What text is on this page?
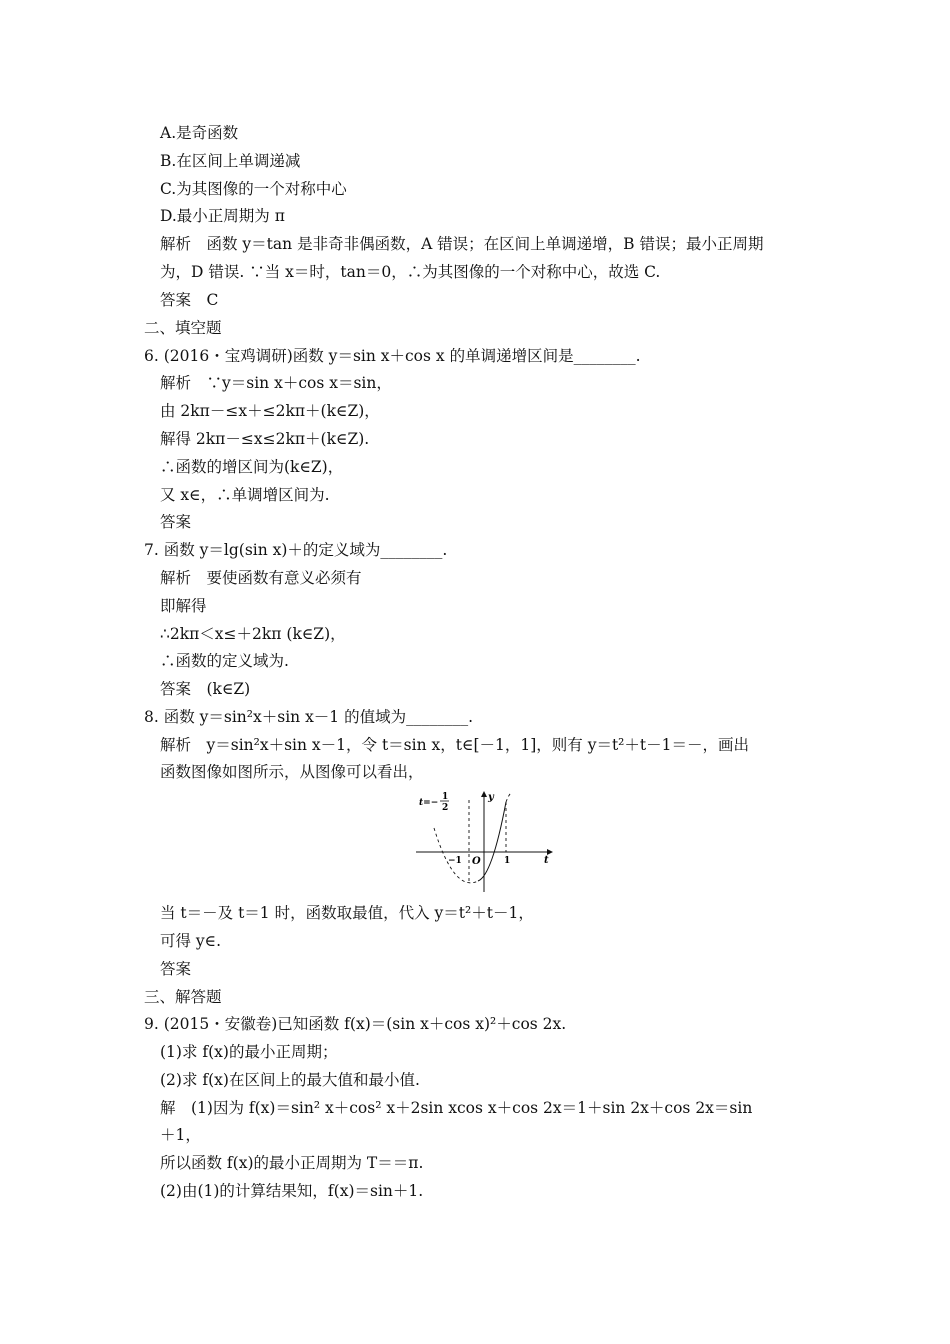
A.是奇函数
B.在区间上单调递减
C.为其图像的一个对称中心
D.最小正周期为 π
解析　函数 y＝tan 是非奇非偶函数，A 错误；在区间上单调递增，B 错误；最小正周期
为，D 错误. ∵当 x＝时，tan＝0，∴为其图像的一个对称中心，故选 C.
答案　C
二、填空题
6. (2016・宝鸡调研)函数 y＝sin x＋cos x 的单调递增区间是________.
解析　∵y＝sin x＋cos x＝sin，
由 2kπ－≤x＋≤2kπ＋(k∈Z)，
解得 2kπ－≤x≤2kπ＋(k∈Z).
∴函数的增区间为(k∈Z)，
又 x∈，∴单调增区间为.
答案
7. 函数 y＝lg(sin x)＋的定义域为________.
解析　要使函数有意义必须有
即解得
∴2kπ＜x≤＋2kπ (k∈Z)，
∴函数的定义域为.
答案　(k∈Z)
8. 函数 y＝sin²x＋sin x－1 的值域为________.
解析　y＝sin²x＋sin x－1，令 t＝sin x，t∈[－1，1]，则有 y＝t²＋t－1＝－，画出
函数图像如图所示，从图像可以看出，
t=−
1
2
y
t
O
−1	1
当 t＝－及 t＝1 时，函数取最值，代入 y＝t²＋t－1，
可得 y∈.
答案
三、解答题
9. (2015・安徽卷)已知函数 f(x)＝(sin x＋cos x)²＋cos 2x.
(1)求 f(x)的最小正周期；
(2)求 f(x)在区间上的最大值和最小值.
解　(1)因为 f(x)＝sin² x＋cos² x＋2sin xcos x＋cos 2x＝1＋sin 2x＋cos 2x＝sin
＋1，
所以函数 f(x)的最小正周期为 T＝＝π.
(2)由(1)的计算结果知，f(x)＝sin＋1.
